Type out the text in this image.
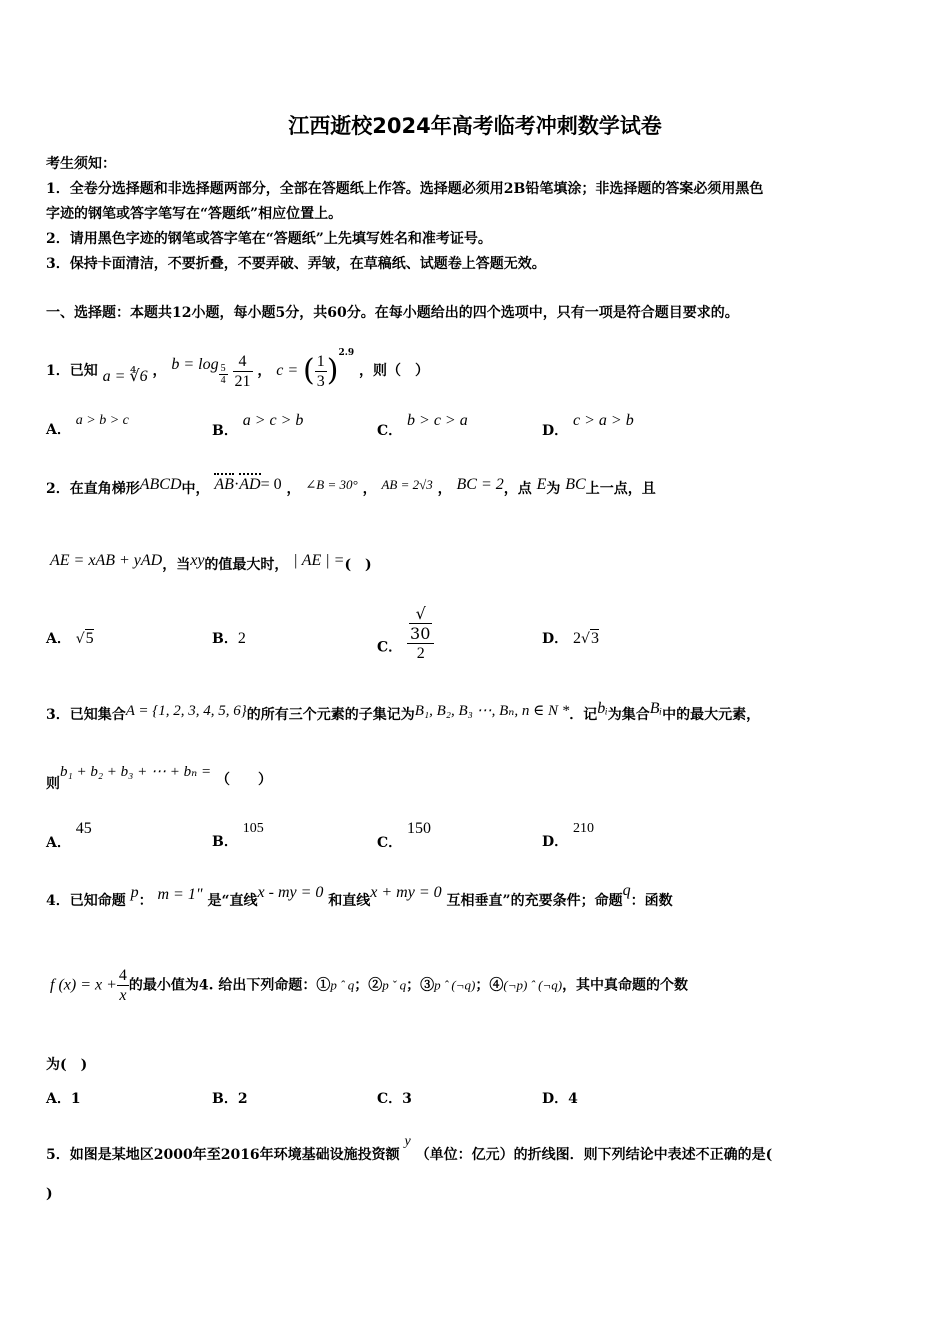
江西逝校2024年高考临考冲刺数学试卷
考生须知：
1．全卷分选择题和非选择题两部分，全部在答题纸上作答。选择题必须用2B铅笔填涂；非选择题的答案必须用黑色
字迹的钢笔或答字笔写在“答题纸”相应位置上。
2．请用黑色字迹的钢笔或答字笔在“答题纸”上先填写姓名和准考证号。
3．保持卡面清洁，不要折叠，不要弄破、弄皱，在草稿纸、试题卷上答题无效。
一、选择题：本题共12小题，每小题5分，共60分。在每小题给出的四个选项中，只有一项是符合题目要求的。
1．已知 a = ∜6 ， $b = \log \frac{5}{4}$
$\frac{4}{21}$ ， c = ( $\frac{1}{3} )^{2.9}$ ，则（　）
A． a > b > c
B． a > c > b
C． b > c > a
D． c > a > b
2．在直角梯形ABCD中， AB·AD= 0 ， ∠B = 30° ， AB = 2√3 ， BC = 2，点 E为 BC上一点，且
AE = xAB + yAD，当xy的值最大时， | AE | =(　)
A． √5	B．2
C． √
30
2	D． 2√3
3．已知集合A = {1, 2, 3, 4, 5, 6}的所有三个元素的子集记为B₁, B₂, B₃ ⋯, Bₙ, n ∈ N *．记bᵢ为集合Bᵢ中的最大元素，
则b₁ + b₂ + b₃ + ⋯ + bₙ = （　　）
A． 45
B． 105
C． 150
D． 210
4．已知命题 p： m = 1" 是“直线x - my = 0 和直线x + my = 0 互相垂直”的充要条件；命题q：函数
f $(x) = x + \frac{4}{x}$ 的最小值为4. 给出下列命题：①p ˆ q；②p ˇ q；③p ˆ (¬q)；④(¬p) ˆ (¬q)，其中真命题的个数
为(　)
A．1	B．2	C．3	D．4
5．如图是某地区2000年至2016年环境基础设施投资额 y （单位：亿元）的折线图．则下列结论中表述不正确的是(
)
